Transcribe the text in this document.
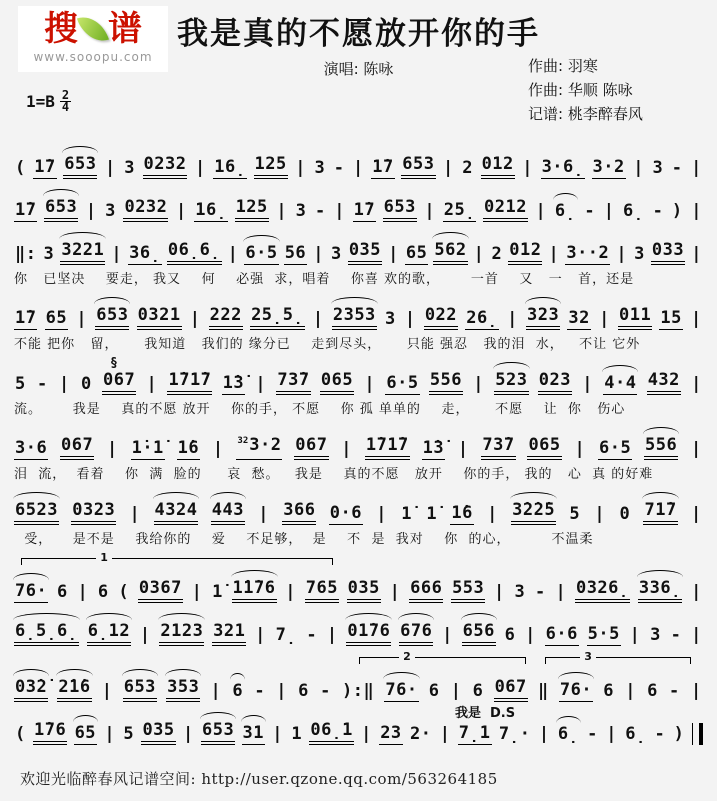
搜 谱
www.sooopu.com
我是真的不愿放开你的手
演唱: 陈咏	作曲: 羽寒
作曲: 华顺 陈咏
记谱: 桃李醉春风
$1=B \frac{2}{4}$
( 1̇7 653 | 3 0232 | 16̣ 125 | 3 - | 1̇7 653 | 2 012 | 3·6̣ 3·2 | 3 - |
1̇7 653 | 3 0232 | 16̣ 125 | 3 - | 1̇7 653 | 25̣ 0212 | 6̣ - | 6̣ - ) |
‖: 3 3221 | 36̣ 06̣6̣ | 6·5 56 | 3 035 | 65 562 | 2 012 | 3··2 | 3 033 |
你   已坚决    要走， 我又    何    必强  求，唱着    你喜 欢的歌，      一首    又   一   首，还是
1̇7 65 | 653 0321 | 222 25̣5̣ | 2353 3 | 022 26̣ | 323 32 | 011 15 |
不能 把你   留，     我知道   我们的 缘分已    走到尽头，     只能 强忍   我的泪  水，   不让 它外
5 - | 0 067
§
| 1̇71̇7 1̇3̇ | 73̇7 065 | 6·5 556 | 523 023 | 4·4 432 |
流。      我是    真的不愿 放开    你的手， 不愿    你 孤 单单的    走，     不愿    让  你   伤心
3·6 067 | 1̇·1̇ 1̇6 | $^{32}$3·2 067 | 1̇71̇7 1̇3̇ | 73̇7 065 | 6·5 556 |
泪  流，  看着    你  满  脸的     哀  愁。   我是    真的不愿   放开    你的手， 我的   心  真 的好难
6523 0323 | 4324 443 | 366 0·6 | 1̇ 1̇ 1̇6 | 3̇2̇2̇5 5 | 0 71̇7 |
受，    是不是    我给你的    爱    不足够，  是    不  是  我对    你  的心，        不温柔
1
76· 6 | 6 ( 0367 | 1̇ 1̇1̇76 | 765 035 | 666 553 | 3 - | 0326̣ 336̣ |
6̣5̣6̣ 6̣12 | 2123 321 | 7̣ - | 01̇76 676 | 656 6 | 6·6 5·5 | 3 - |
2	3
03̇2̇ 2̇1̇6 | 653 353 | 6 - | 6 - ):‖ 76· 6 | 6 067 ‖ 76· 6 | 6 - |
我是  D.S
( 1̇76 65 | 5 035 | 653 31 | 1 06̣1 | 23 2· | 7̣1 7̣· | 6̣ - | 6̣ - )
欢迎光临醉春风记谱空间: http://user.qzone.qq.com/563264185
